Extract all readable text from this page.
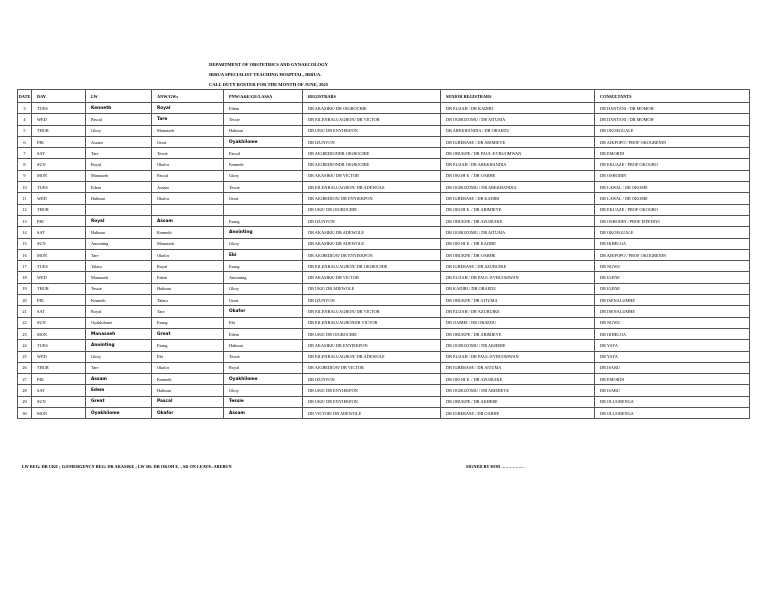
DEPARTMENT OF OBSTETRICS AND GYNAECOLOGY
IRRUA SPECIALIST TEACHING HOSPITAL, IRRUA.
CALL DUTY ROSTER FOR THE MONTH OF JUNE, 2025
DATE	DAY	LW	ANW/GWs	PNW/A&E/GE/LASSA	REGISTRARS	SENIOR REGISTRARS	CONSULTANTS
3	TUES	Kenneth	Royal	Edem	DR AKASIKE/ DR OIGBOCHIE	DR ELIJAH / DR KADIRI	DR DANTANI / DR MOMOH
4	WED	Pascal	Tare	Tessie	DR EILENBALUAGBON/ DR VICTOR	DR OGBOZOMU / DR AITUMA	DR DANTANI / DR MOMOH
5	THUR	Glory	Manasseh	Halimat	DR UKE/ DR ENYIEKPON	DR AREKHANDIA / DR ORAEDU	DR OKOEGUALE
6	FRI	Assam	Great	Oyakhilome	DR IZUNYON	DR IGBERASE / DR ARIMIEYE	DR AIKPOPO / PROF OKOGBENIN
7	SAT	Tare	Tessie	Pascal	DR AIGBEDIONDR OIGBOCHIE	DR OBUKPE / DR PAUL-EVBUOMWAN	DR EMORDI
8	SUN	Royal	Okafor	Kenneth	DR AIGBEDIONDR OIGBOCHIE	DR ELIJAH / DR AREKHANDIA	DR EKUAZE / PROF OKOGBO
9	MON	Manasseh	Pascal	Glory	DR AKASIKE/ DR VICTOR	DR OKOH E. / DR OARHE	DR OSHODIN
10	TUES	Edem	Assam	Tessie	DR EILENBALUAGBON/ DR ADEWOLE	DR OGBOZOMU / DR AREKHANDIA	DR LAWAL / DR OKOME
11	WED	Halimat	Okafor	Great	DR AIGBEDION/ DR ENYIEKPON	DR IGBERASE / DR KADIRI	DR LAWAL / DR OKOME
12	THUR				DR UKE/ DR OIGBOCHIE	DR OKOH E. / DR ARIMIEYE	DR EKUAZE / PROF OKOGBO
13	FRI	Royal	Assam	Esang	DR IZUNYON	DR OBUKPE / DR AZUBUIKE	DR OSHODIN / PROF EIFEDIYI
14	SAT	Halimat	Kenneth	Anointing	DR AKASIKE/ DR ADEWOLE	DR OGBOZOMU / DR AITUMA	DR OKOEGUALE
15	SUN	Anointing	Manasseh	Glory	DR AKASIKE/ DR ADEWOLE	DR OKOH E. / DR KADIRI	DR IKHELOA
16	MON	Tare	Okafor	Ebi	DR AIGBEDION/ DR ENYIEKPON	DR OBUKPE / DR OARHE	DR AIKPOPO / PROF OKOGBENIN
17	TUES	Talatu	Royal	Esang	DR EILENBALUAGBON/ DR OIGBOCHIE	DR IGBERASE / DR AZUBUIKE	DR NGWU
18	WED	Manasseh	Edem	Anointing	DR AKASIKE/ DR VICTOR	DR ELIJAH / DR PAUL-EVBUOMWAN	DR IGENE
19	THUR	Tessie	Halimat	Glory	DR UKE/ DR ADEWOLE	DR KADIRI / DR ORAEDU	DR IGENE
20	FRI	Kenneth	Talatu	Great	DR IZUNYON	DR OBUKPE / DR AITUMA	DR ISENALUMHE
21	SAT	Royal	Tare	Okafor	DR EILENBALUAGBON/ DR VICTOR	DR ELIJAH / DR AZUBUIKE	DR ISENALUMHE
22	SUN	Oyakhilome	Esang	Ebi	DR EILENBALUAGBONDR VICTOR	DR OARHE / DR ORAEDU	DR NGWU
23	MON	Manasseh	Great	Edem	DR UKE/ DR OIGBOCHIE	DR OBUKPE / DR ARIMIEYE	DR IKHELOA
24	TUES	Anointing	Esang	Halimat	DR AKASIKE/ DR ENYIEKPON	DR OGBOZOMU / DR AKHERE	DR YAYA
25	WED	Glory	Ebi	Tessie	DR EILENBALUAGBON/ DR ADEWOLE	DR ELIJAH / DR PAUL-EVBUOMWAN	DR YAYA
26	THUR	Tare	Okafor	Royal	DR AIGBEDION/ DR VICTOR	DR IGBERASE / DR AITUMA	DR ISABU
27	FRI	Assam	Kenneth	Oyakhilome	DR IZUNYON	DR OKOH E. / DR AZUBUIKE	DR EMORDI
28	SAT	Edem	Halimat	Glory	DR UKE/ DR ENYIEKPON	DR OGBOZOMU / DR ARIMIEYE	DR ISABU
29	SUN	Great	Pascal	Tessie	DR UKE/ DR ENYIEKPON	DR OBUKPE / DR AKHERE	DR OLUGBENGA
30	MON	Oyakhilome	Okafor	Assam	DR VICTOR/ DR ADEWOLE	DR IGBERASE / DR OARHE	DR OLUGBENGA
LW REG: DR UKE ; G/EMERGENCY REG: DR AKASIKE ; LW SR: DR OKOH E. ; SR ON LEAVE: AREBUN	SIGNED BY HOD …………….
